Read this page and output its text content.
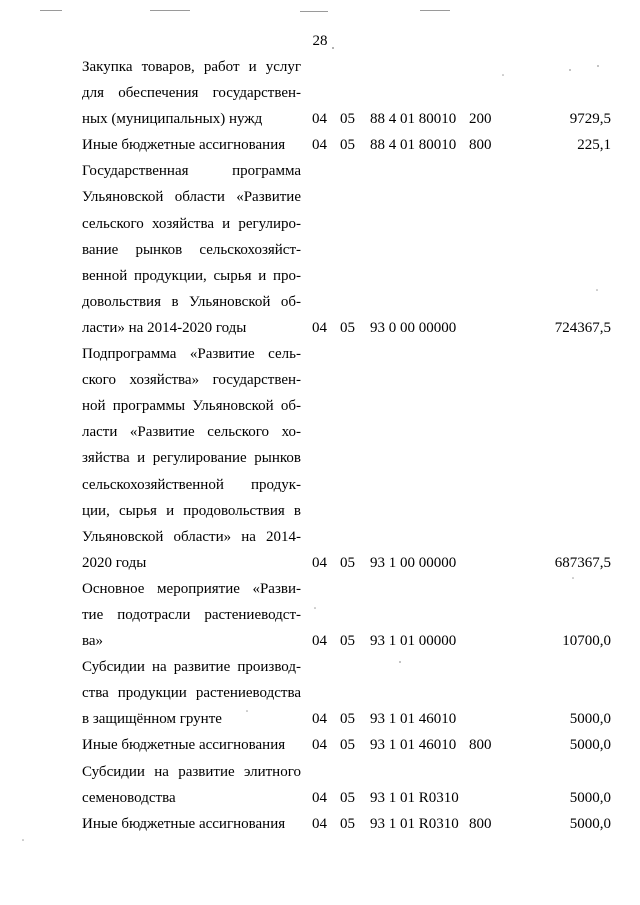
28
Закупка товаров, работ и услуг
для обеспечения государствен-
ных (муниципальных) нужд	04 05 88 4 01 80010 200	9729,5
Иные бюджетные ассигнования	04 05 88 4 01 80010 800	225,1
Государственная программа
Ульяновской области «Развитие
сельского хозяйства и регулиро-
вание рынков сельскохозяйст-
венной продукции, сырья и про-
довольствия в Ульяновской об-
ласти» на 2014-2020 годы	04 05 93 0 00 00000	724367,5
Подпрограмма «Развитие сель-
ского хозяйства» государствен-
ной программы Ульяновской об-
ласти «Развитие сельского хо-
зяйства и регулирование рынков
сельскохозяйственной продук-
ции, сырья и продовольствия в
Ульяновской области» на 2014-
2020 годы	04 05 93 1 00 00000	687367,5
Основное мероприятие «Разви-
тие подотрасли растениеводст-
ва»	04 05 93 1 01 00000	10700,0
Субсидии на развитие производ-
ства продукции растениеводства
в защищённом грунте	04 05 93 1 01 46010	5000,0
Иные бюджетные ассигнования	04 05 93 1 01 46010 800	5000,0
Субсидии на развитие элитного
семеноводства	04 05 93 1 01 R0310	5000,0
Иные бюджетные ассигнования	04 05 93 1 01 R0310 800	5000,0
